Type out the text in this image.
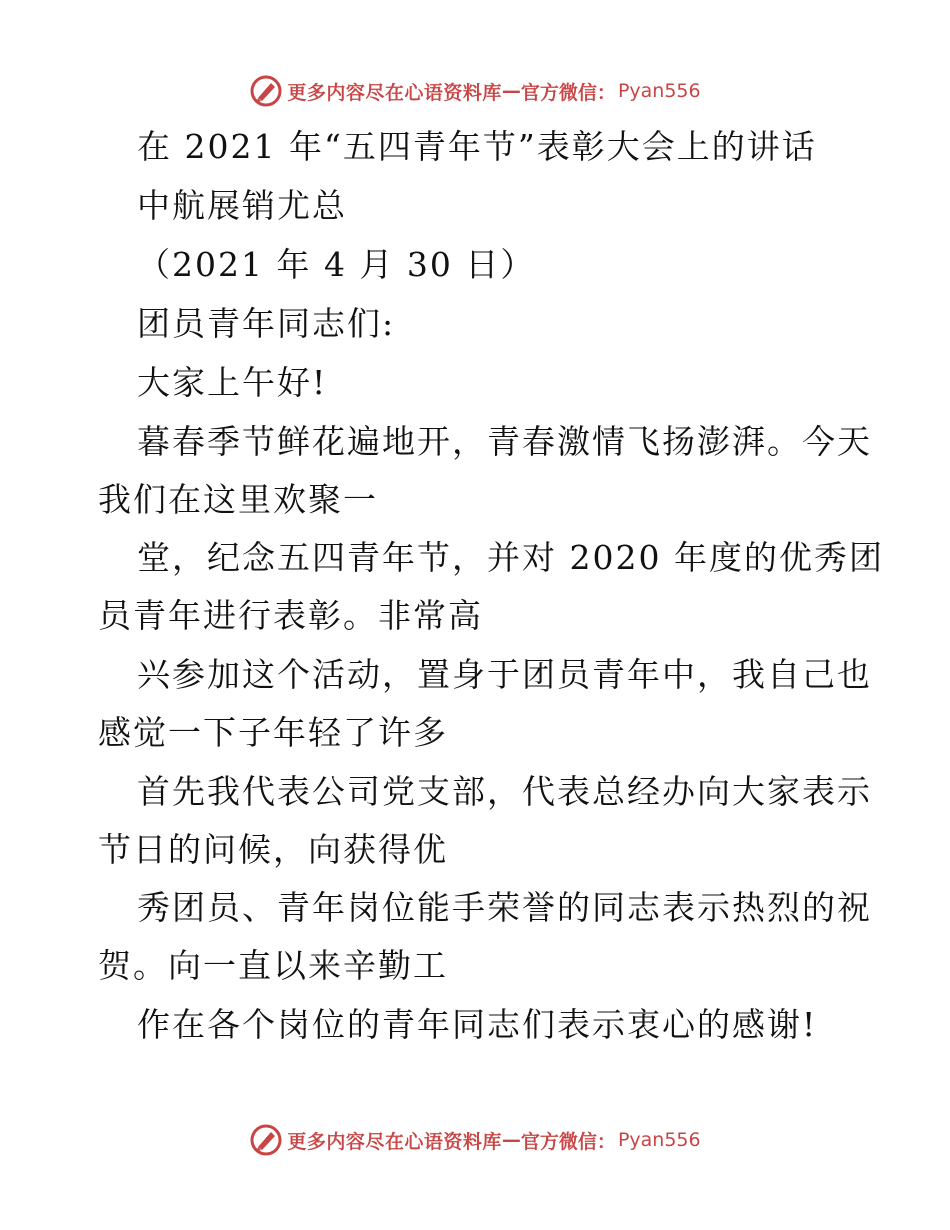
更多内容尽在心语资料库 — 官方微信： Pyan556
在 2021 年“五四青年节”表彰大会上的讲话
中航展销尤总
（2021 年 4 月 30 日）
团员青年同志们:
大家上午好!
暮春季节鲜花遍地开，青春激情飞扬澎湃。今天
我们在这里欢聚一
堂，纪念五四青年节，并对 2020 年度的优秀团
员青年进行表彰。非常高
兴参加这个活动，置身于团员青年中，我自己也
感觉一下子年轻了许多
首先我代表公司党支部，代表总经办向大家表示
节日的问候，向获得优
秀团员、青年岗位能手荣誉的同志表示热烈的祝
贺。向一直以来辛勤工
作在各个岗位的青年同志们表示衷心的感谢!
更多内容尽在心语资料库 — 官方微信： Pyan556
